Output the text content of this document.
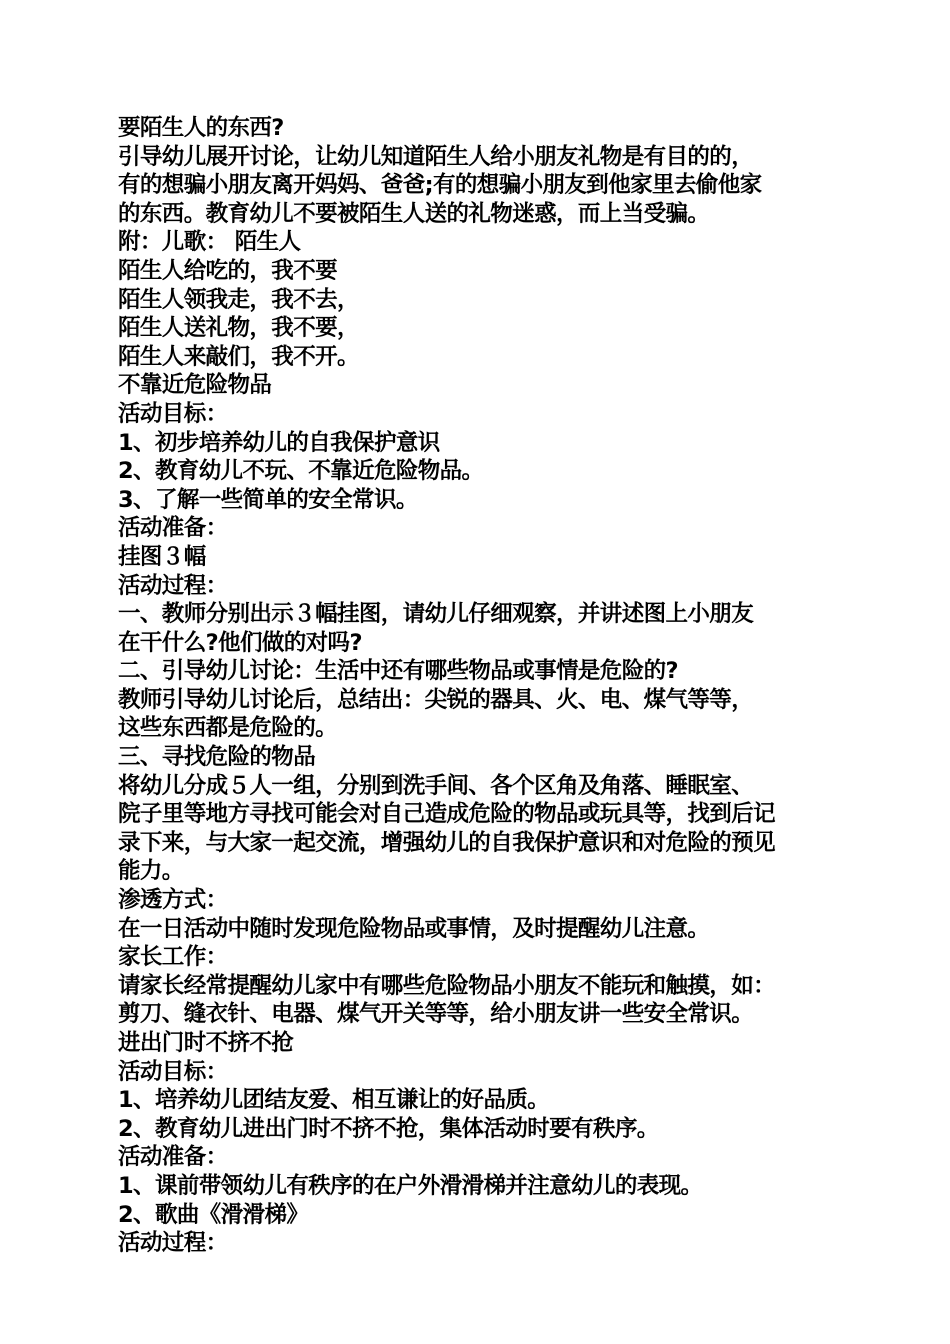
要陌生人的东西?
引导幼儿展开讨论，让幼儿知道陌生人给小朋友礼物是有目的的，
有的想骗小朋友离开妈妈、爸爸;有的想骗小朋友到他家里去偷他家
的东西。教育幼儿不要被陌生人送的礼物迷惑，而上当受骗。
附：儿歌： 陌生人
陌生人给吃的，我不要
陌生人领我走，我不去，
陌生人送礼物，我不要，
陌生人来敲们，我不开。
不靠近危险物品
活动目标：
1、初步培养幼儿的自我保护意识
2、教育幼儿不玩、不靠近危险物品。
3、了解一些简单的安全常识。
活动准备：
挂图３幅
活动过程：
一、教师分别出示３幅挂图，请幼儿仔细观察，并讲述图上小朋友
在干什么?他们做的对吗?
二、引导幼儿讨论：生活中还有哪些物品或事情是危险的?
教师引导幼儿讨论后，总结出：尖锐的器具、火、电、煤气等等，
这些东西都是危险的。
三、寻找危险的物品
将幼儿分成５人一组，分别到洗手间、各个区角及角落、睡眠室、
院子里等地方寻找可能会对自己造成危险的物品或玩具等，找到后记
录下来，与大家一起交流，增强幼儿的自我保护意识和对危险的预见
能力。
渗透方式：
在一日活动中随时发现危险物品或事情，及时提醒幼儿注意。
家长工作：
请家长经常提醒幼儿家中有哪些危险物品小朋友不能玩和触摸，如：
剪刀、缝衣针、电器、煤气开关等等，给小朋友讲一些安全常识。
进出门时不挤不抢
活动目标：
1、培养幼儿团结友爱、相互谦让的好品质。
2、教育幼儿进出门时不挤不抢，集体活动时要有秩序。
活动准备：
1、课前带领幼儿有秩序的在户外滑滑梯并注意幼儿的表现。
2、歌曲《滑滑梯》
活动过程：
